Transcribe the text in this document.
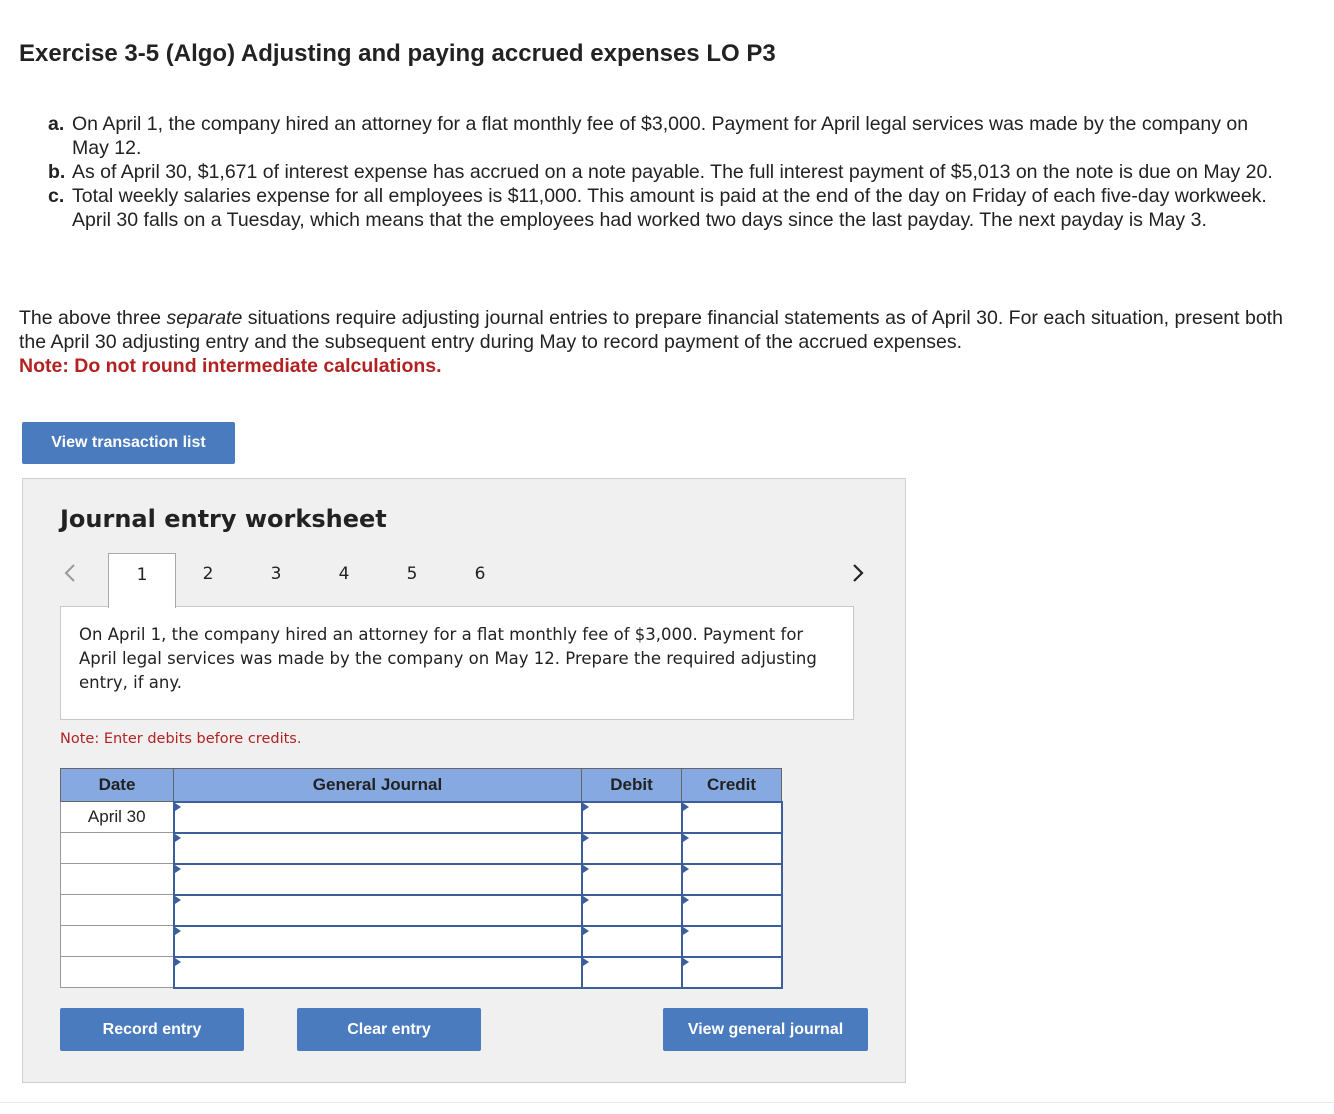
Exercise 3-5 (Algo) Adjusting and paying accrued expenses LO P3
a. On April 1, the company hired an attorney for a flat monthly fee of $3,000. Payment for April legal services was made by the company on May 12.
b. As of April 30, $1,671 of interest expense has accrued on a note payable. The full interest payment of $5,013 on the note is due on May 20.
c. Total weekly salaries expense for all employees is $11,000. This amount is paid at the end of the day on Friday of each five-day workweek. April 30 falls on a Tuesday, which means that the employees had worked two days since the last payday. The next payday is May 3.

The above three separate situations require adjusting journal entries to prepare financial statements as of April 30. For each situation, present both the April 30 adjusting entry and the subsequent entry during May to record payment of the accrued expenses.
Note: Do not round intermediate calculations.

View transaction list
Journal entry worksheet
1	2	3	4	5	6

On April 1, the company hired an attorney for a flat monthly fee of $3,000. Payment for April legal services was made by the company on May 12. Prepare the required adjusting entry, if any.

Note: Enter debits before credits.
Date	General Journal	Debit	Credit
April 30			

Record entry	Clear entry	View general journal
